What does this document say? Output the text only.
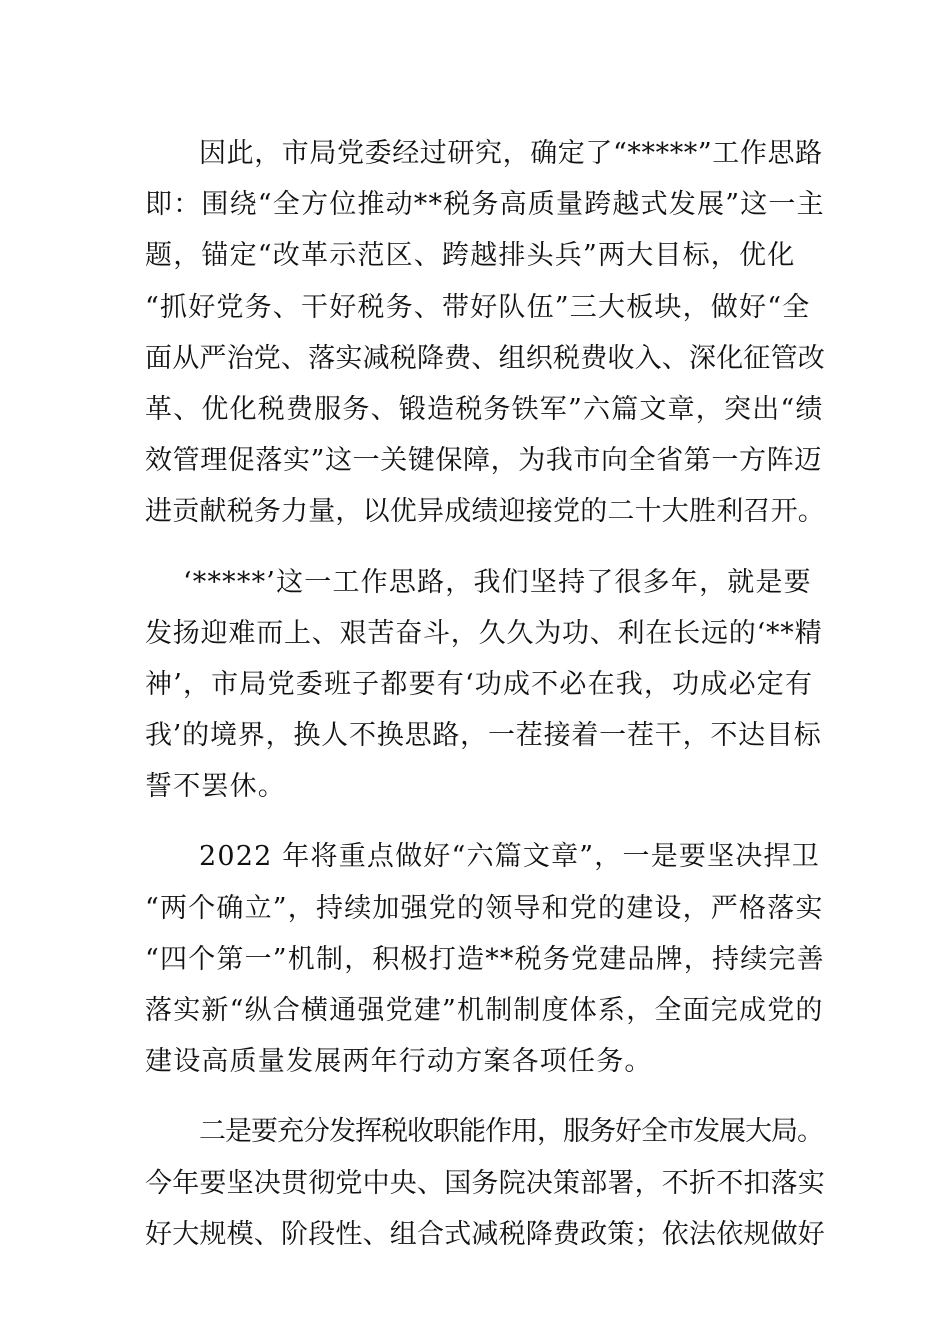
因此，市局党委经过研究，确定了“*****”工作思路
即：围绕“全方位推动**税务高质量跨越式发展”这一主
题，锚定“改革示范区、跨越排头兵”两大目标，优化
“抓好党务、干好税务、带好队伍”三大板块，做好“全
面从严治党、落实减税降费、组织税费收入、深化征管改
革、优化税费服务、锻造税务铁军”六篇文章，突出“绩
效管理促落实”这一关键保障，为我市向全省第一方阵迈
进贡献税务力量，以优异成绩迎接党的二十大胜利召开。
‘*****’这一工作思路，我们坚持了很多年，就是要
发扬迎难而上、艰苦奋斗，久久为功、利在长远的‘**精
神’，市局党委班子都要有‘功成不必在我，功成必定有
我’的境界，换人不换思路，一茬接着一茬干，不达目标
誓不罢休。
2022 年将重点做好“六篇文章”，一是要坚决捍卫
“两个确立”，持续加强党的领导和党的建设，严格落实
“四个第一”机制，积极打造**税务党建品牌，持续完善
落实新“纵合横通强党建”机制制度体系，全面完成党的
建设高质量发展两年行动方案各项任务。
二是要充分发挥税收职能作用，服务好全市发展大局。
今年要坚决贯彻党中央、国务院决策部署，不折不扣落实
好大规模、阶段性、组合式减税降费政策；依法依规做好
